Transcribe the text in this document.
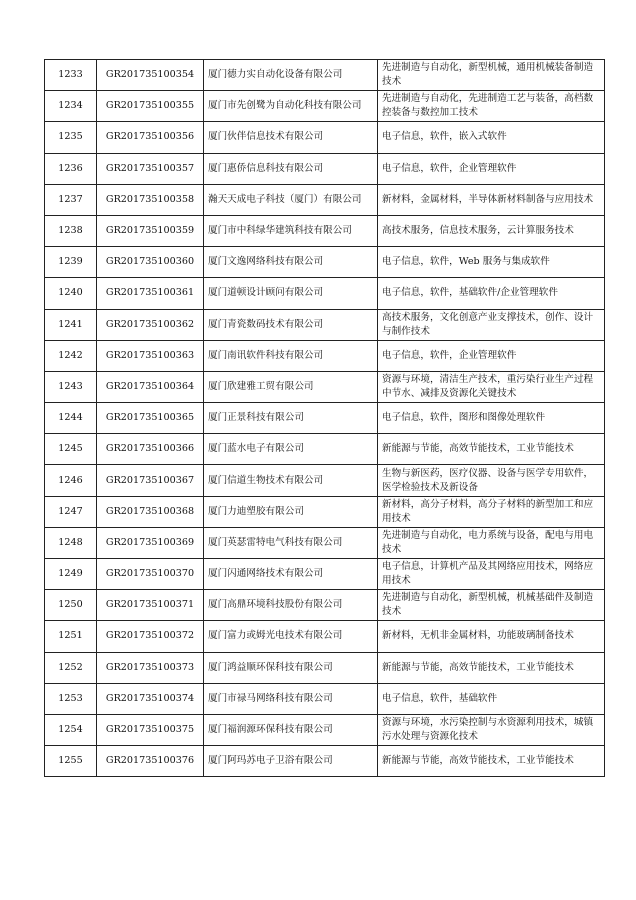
1233	GR201735100354	厦门德力实自动化设备有限公司	先进制造与自动化，新型机械，通用机械装备制造技术
1234	GR201735100355	厦门市先创鹭为自动化科技有限公司	先进制造与自动化，先进制造工艺与装备，高档数控装备与数控加工技术
1235	GR201735100356	厦门伙伴信息技术有限公司	电子信息，软件，嵌入式软件
1236	GR201735100357	厦门惠侨信息科技有限公司	电子信息，软件，企业管理软件
1237	GR201735100358	瀚天天成电子科技（厦门）有限公司	新材料，金属材料，半导体新材料制备与应用技术
1238	GR201735100359	厦门市中科绿华建筑科技有限公司	高技术服务，信息技术服务，云计算服务技术
1239	GR201735100360	厦门文逸网络科技有限公司	电子信息，软件，Web 服务与集成软件
1240	GR201735100361	厦门道顿设计顾问有限公司	电子信息，软件，基础软件/企业管理软件
1241	GR201735100362	厦门青瓷数码技术有限公司	高技术服务，文化创意产业支撑技术，创作、设计与制作技术
1242	GR201735100363	厦门南讯软件科技有限公司	电子信息，软件，企业管理软件
1243	GR201735100364	厦门欣建雅工贸有限公司	资源与环境，清洁生产技术，重污染行业生产过程中节水、减排及资源化关键技术
1244	GR201735100365	厦门正景科技有限公司	电子信息，软件，图形和图像处理软件
1245	GR201735100366	厦门蓝水电子有限公司	新能源与节能，高效节能技术，工业节能技术
1246	GR201735100367	厦门信道生物技术有限公司	生物与新医药，医疗仪器、设备与医学专用软件，医学检验技术及新设备
1247	GR201735100368	厦门力迪塑胶有限公司	新材料，高分子材料，高分子材料的新型加工和应用技术
1248	GR201735100369	厦门英瑟雷特电气科技有限公司	先进制造与自动化，电力系统与设备，配电与用电技术
1249	GR201735100370	厦门闪通网络技术有限公司	电子信息，计算机产品及其网络应用技术，网络应用技术
1250	GR201735100371	厦门高鼎环境科技股份有限公司	先进制造与自动化，新型机械，机械基础件及制造技术
1251	GR201735100372	厦门富力或姆光电技术有限公司	新材料，无机非金属材料，功能玻璃制备技术
1252	GR201735100373	厦门鸿益顺环保科技有限公司	新能源与节能，高效节能技术，工业节能技术
1253	GR201735100374	厦门市禄马网络科技有限公司	电子信息，软件，基础软件
1254	GR201735100375	厦门福润源环保科技有限公司	资源与环境，水污染控制与水资源利用技术，城镇污水处理与资源化技术
1255	GR201735100376	厦门阿玛苏电子卫浴有限公司	新能源与节能，高效节能技术，工业节能技术
